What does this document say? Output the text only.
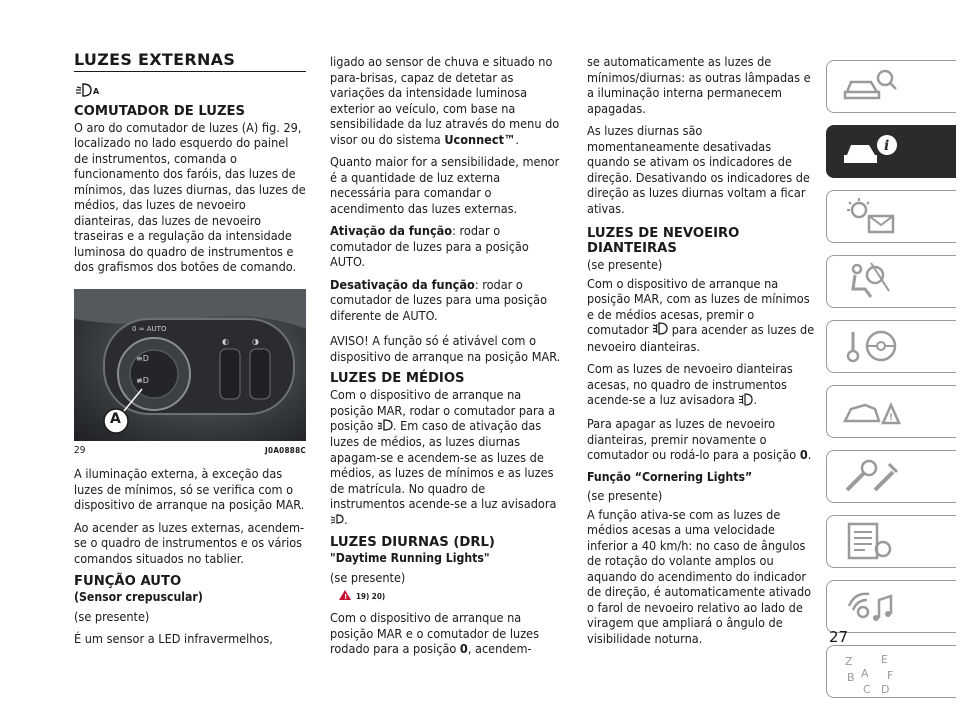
LUZES EXTERNAS
A
COMUTADOR DE LUZES

O aro do comutador de luzes (A) fig. 29, localizado no lado esquerdo do painel de instrumentos, comanda o funcionamento dos faróis, das luzes de mínimos, das luzes diurnas, das luzes de médios, das luzes de nevoeiro dianteiras, das luzes de nevoeiro traseiras e a regulação da intensidade luminosa do quadro de instrumentos e dos grafismos dos botões de comando.

≡D
≢D
0 ≈ AUTO
◐	◑
A
29	J0A0888C

A iluminação externa, à exceção das luzes de mínimos, só se verifica com o dispositivo de arranque na posição MAR.

Ao acender as luzes externas, acendem-se o quadro de instrumentos e os vários comandos situados no tablier.

FUNÇÃO AUTO
(Sensor crepuscular)

(se presente)

É um sensor a LED infravermelhos,

ligado ao sensor de chuva e situado no para-brisas, capaz de detetar as variações da intensidade luminosa exterior ao veículo, com base na sensibilidade da luz através do menu do visor ou do sistema Uconnect™.

Quanto maior for a sensibilidade, menor é a quantidade de luz externa necessária para comandar o acendimento das luzes externas.

Ativação da função: rodar o comutador de luzes para a posição AUTO.

Desativação da função: rodar o comutador de luzes para uma posição diferente de AUTO.

AVISO! A função só é ativável com o dispositivo de arranque na posição MAR.

LUZES DE MÉDIOS

Com o dispositivo de arranque na posição MAR, rodar o comutador para a posição . Em caso de ativação das luzes de médios, as luzes diurnas apagam-se e acendem-se as luzes de médios, as luzes de mínimos e as luzes de matrícula. No quadro de instrumentos acende-se a luz avisadora .

LUZES DIURNAS (DRL)
"Daytime Running Lights"

(se presente)

! 19) 20)

Com o dispositivo de arranque na posição MAR e o comutador de luzes rodado para a posição 0, acendem-

se automaticamente as luzes de mínimos/diurnas: as outras lâmpadas e a iluminação interna permanecem apagadas.

As luzes diurnas são momentaneamente desativadas quando se ativam os indicadores de direção. Desativando os indicadores de direção as luzes diurnas voltam a ficar ativas.

LUZES DE NEVOEIRO DIANTEIRAS

(se presente)

Com o dispositivo de arranque na posição MAR, com as luzes de mínimos e de médios acesas, premir o comutador  para acender as luzes de nevoeiro dianteiras.

Com as luzes de nevoeiro dianteiras acesas, no quadro de instrumentos acende-se a luz avisadora .

Para apagar as luzes de nevoeiro dianteiras, premir novamente o comutador ou rodá-lo para a posição 0.

Função “Cornering Lights”

(se presente)

A função ativa-se com as luzes de médios acesas a uma velocidade inferior a 40 km/h: no caso de ângulos de rotação do volante amplos ou aquando do acendimento do indicador de direção, é automaticamente ativado o farol de nevoeiro relativo ao lado de viragem que ampliará o ângulo de visibilidade noturna.

i
!
Z	E
B A F
C D
27
